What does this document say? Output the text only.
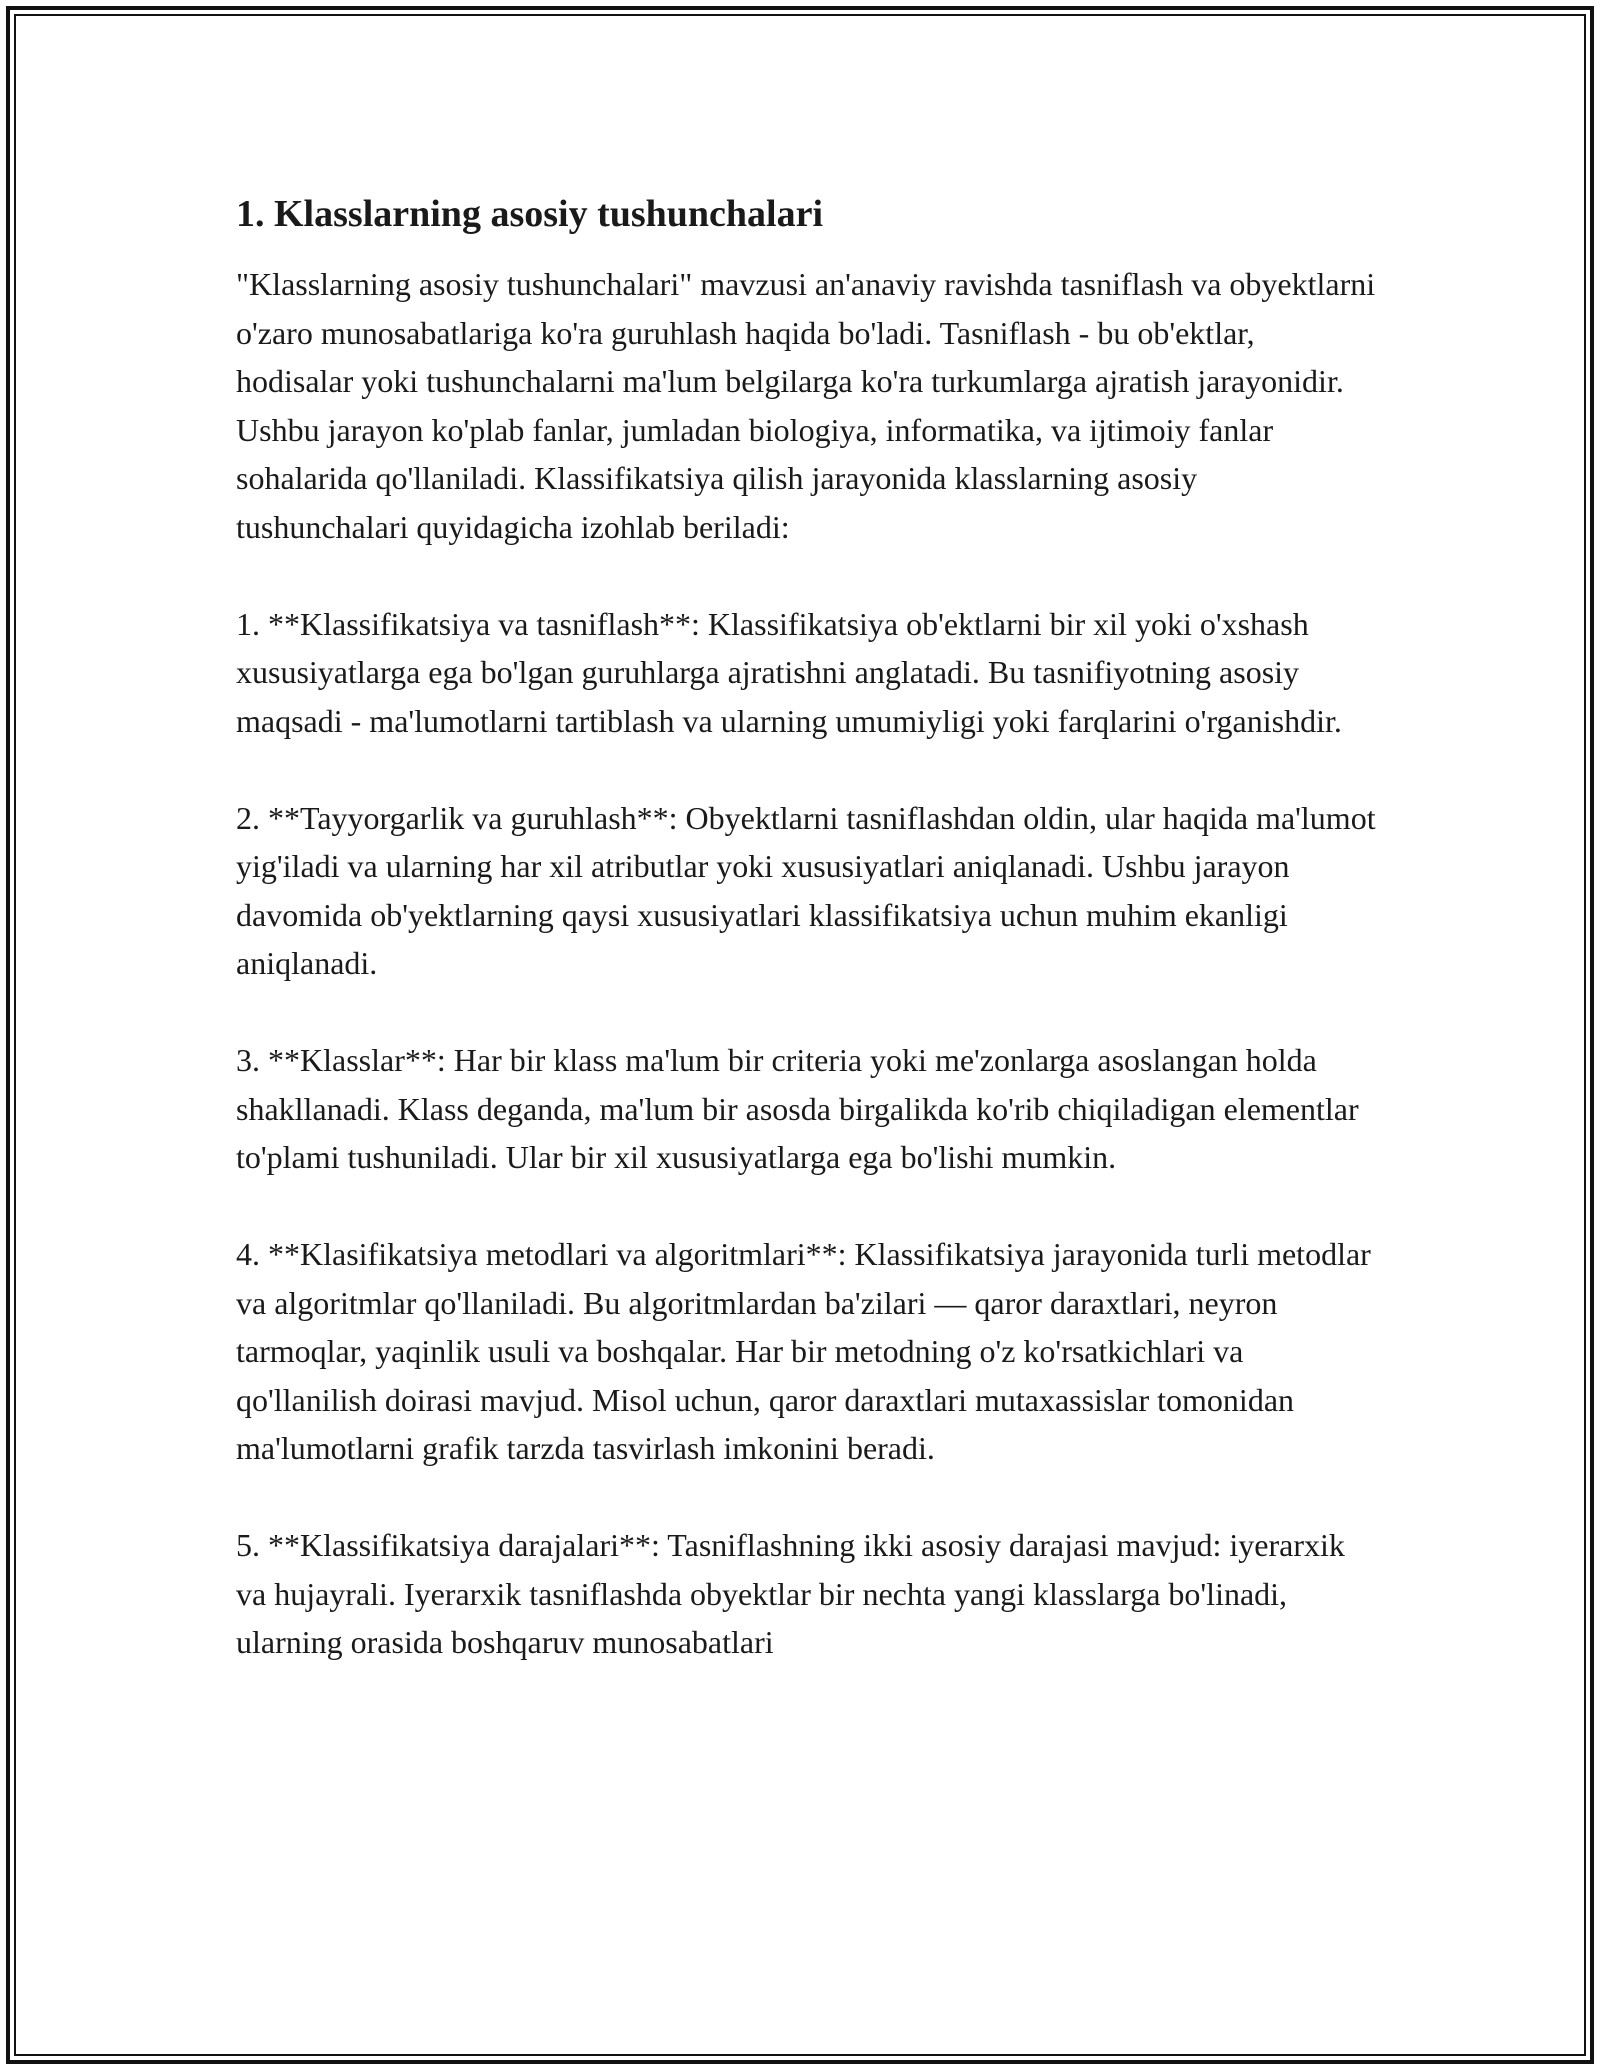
1. Klasslarning asosiy tushunchalari

"Klasslarning asosiy tushunchalari" mavzusi an'anaviy ravishda tasniflash va obyektlarni o'zaro munosabatlariga ko'ra guruhlash haqida bo'ladi. Tasniflash - bu ob'ektlar, hodisalar yoki tushunchalarni ma'lum belgilarga ko'ra turkumlarga ajratish jarayonidir. Ushbu jarayon ko'plab fanlar, jumladan biologiya, informatika, va ijtimoiy fanlar sohalarida qo'llaniladi. Klassifikatsiya qilish jarayonida klasslarning asosiy tushunchalari quyidagicha izohlab beriladi:

1. **Klassifikatsiya va tasniflash**: Klassifikatsiya ob'ektlarni bir xil yoki o'xshash xususiyatlarga ega bo'lgan guruhlarga ajratishni anglatadi. Bu tasnifiyotning asosiy maqsadi - ma'lumotlarni tartiblash va ularning umumiyligi yoki farqlarini o'rganishdir.

2. **Tayyorgarlik va guruhlash**: Obyektlarni tasniflashdan oldin, ular haqida ma'lumot yig'iladi va ularning har xil atributlar yoki xususiyatlari aniqlanadi. Ushbu jarayon davomida ob'yektlarning qaysi xususiyatlari klassifikatsiya uchun muhim ekanligi aniqlanadi.

3. **Klasslar**: Har bir klass ma'lum bir criteria yoki me'zonlarga asoslangan holda shakllanadi. Klass deganda, ma'lum bir asosda birgalikda ko'rib chiqiladigan elementlar to'plami tushuniladi. Ular bir xil xususiyatlarga ega bo'lishi mumkin.

4. **Klasifikatsiya metodlari va algoritmlari**: Klassifikatsiya jarayonida turli metodlar va algoritmlar qo'llaniladi. Bu algoritmlardan ba'zilari — qaror daraxtlari, neyron tarmoqlar, yaqinlik usuli va boshqalar. Har bir metodning o'z ko'rsatkichlari va qo'llanilish doirasi mavjud. Misol uchun, qaror daraxtlari mutaxassislar tomonidan ma'lumotlarni grafik tarzda tasvirlash imkonini beradi.

5. **Klassifikatsiya darajalari**: Tasniflashning ikki asosiy darajasi mavjud: iyerarxik va hujayrali. Iyerarxik tasniflashda obyektlar bir nechta yangi klasslarga bo'linadi, ularning orasida boshqaruv munosabatlari
